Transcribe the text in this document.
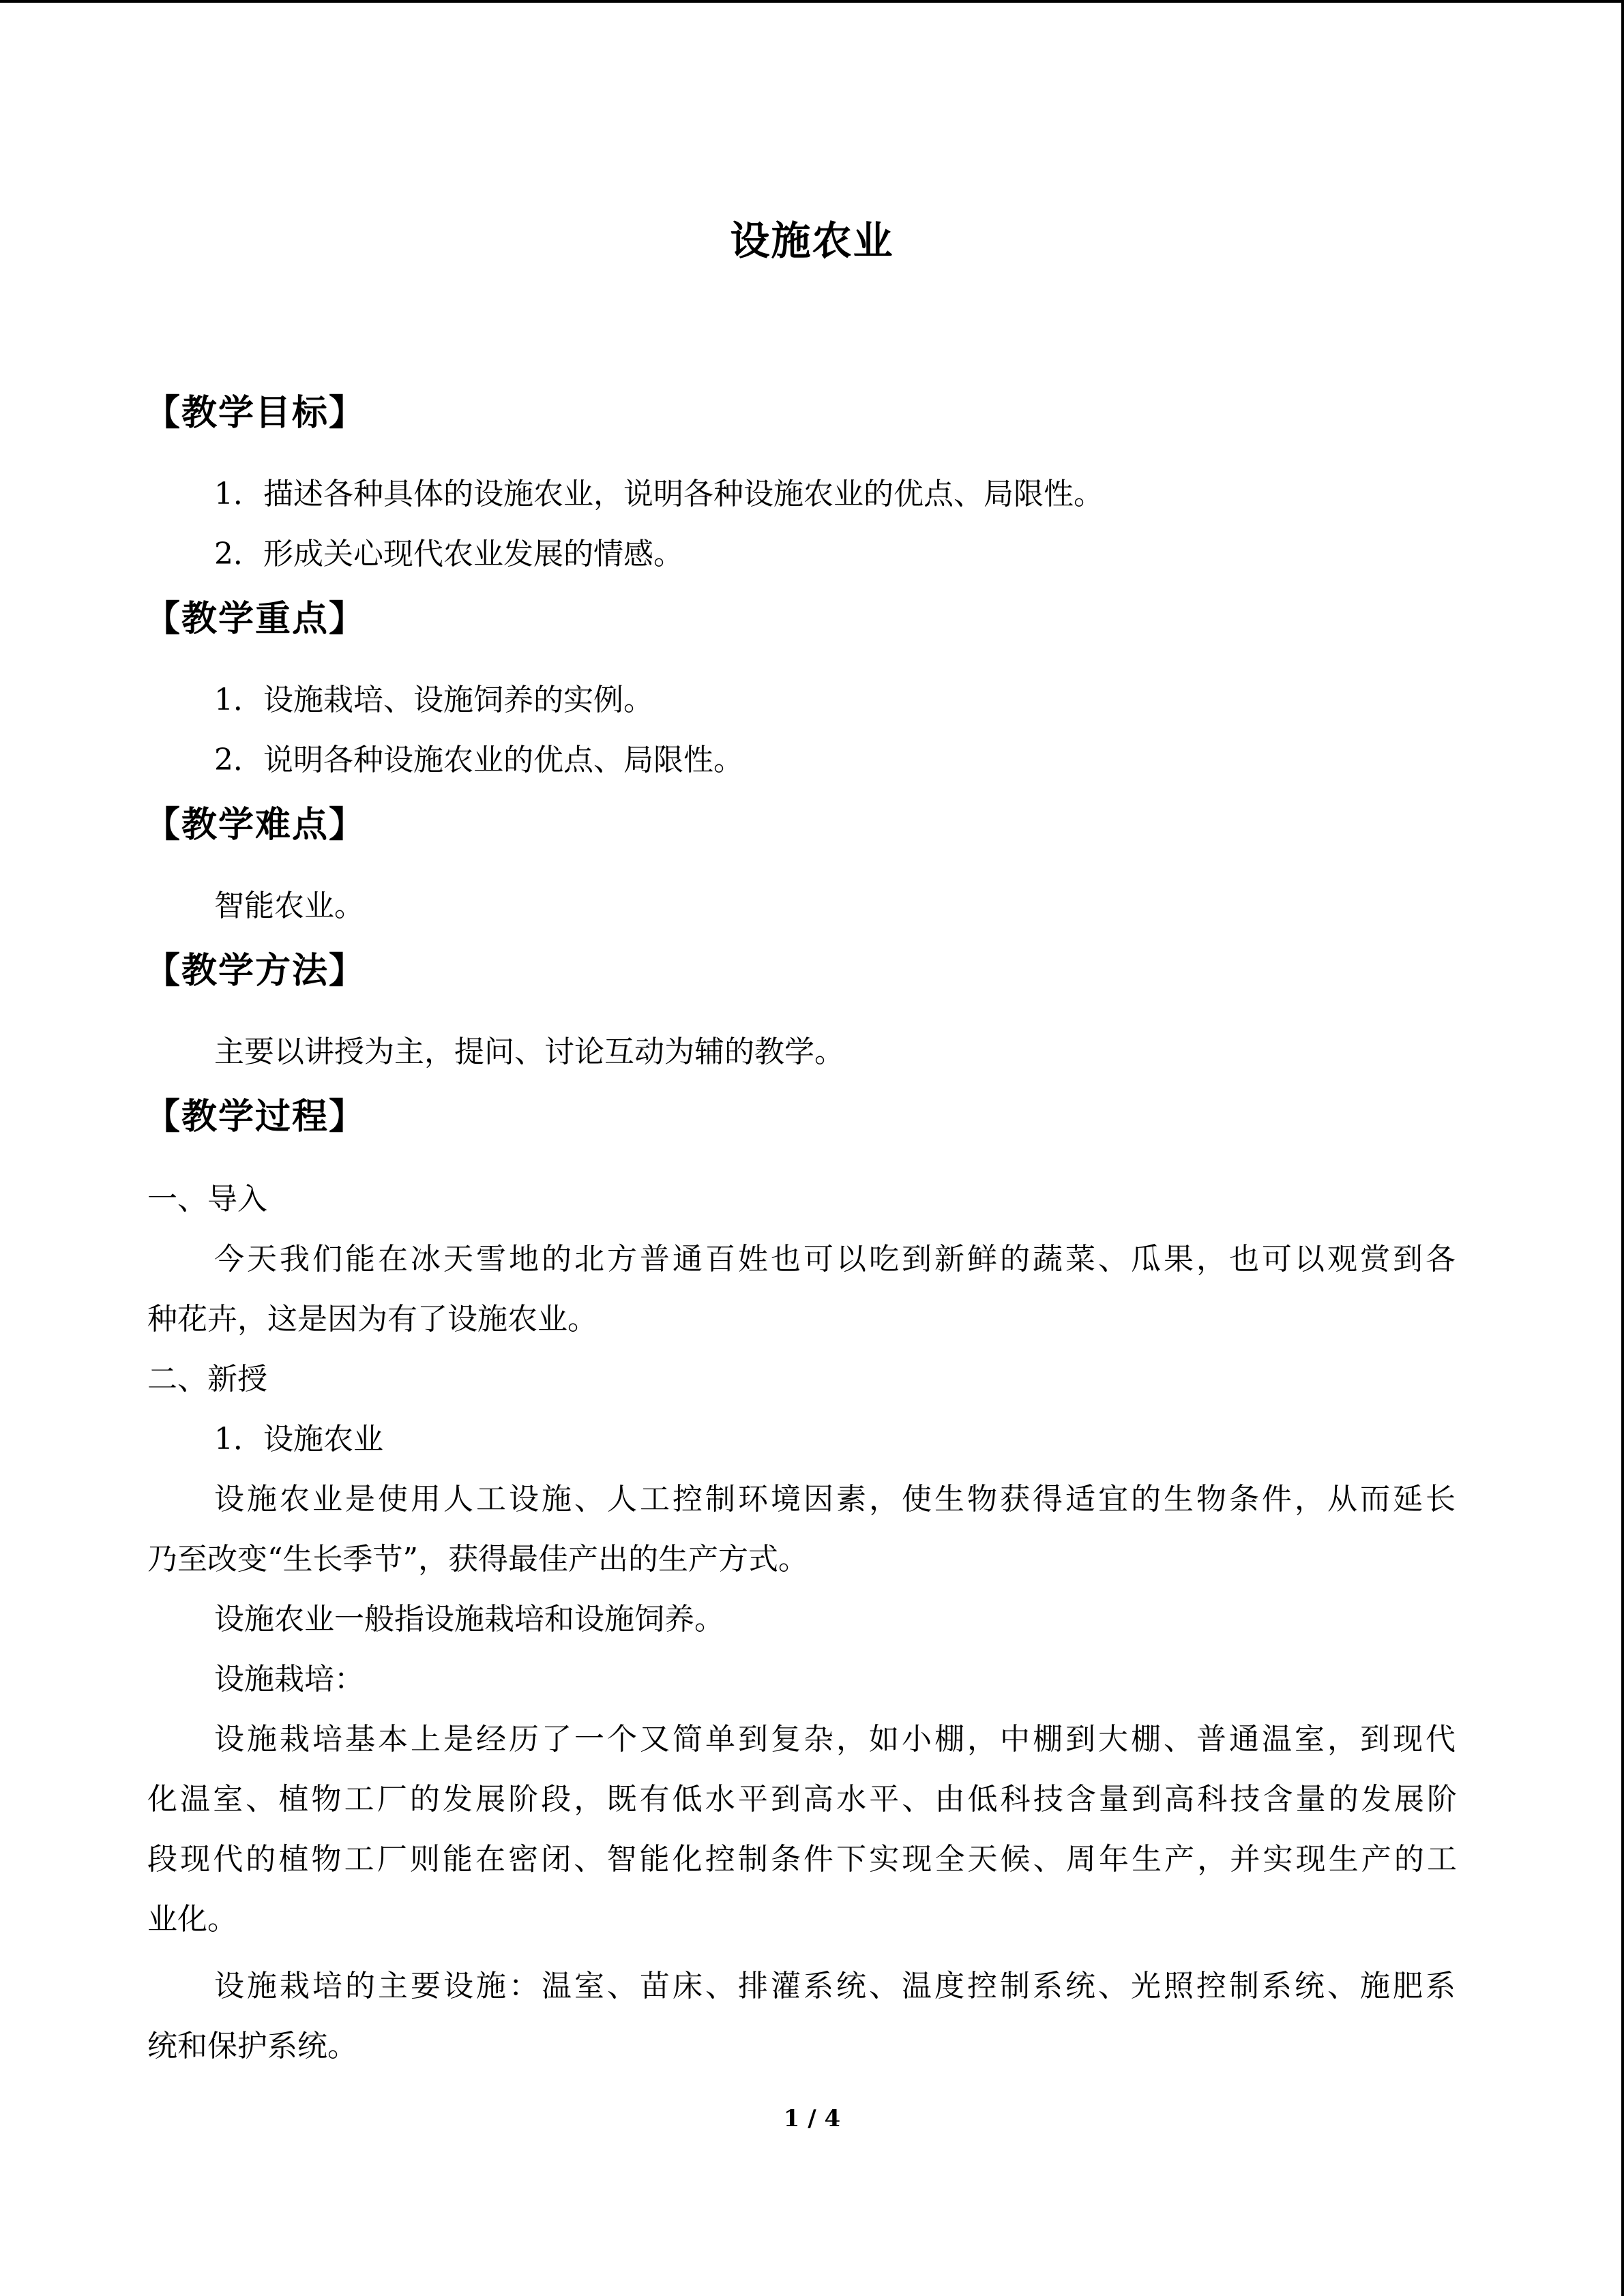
设施农业
【教学目标】
1．描述各种具体的设施农业，说明各种设施农业的优点、局限性。
2．形成关心现代农业发展的情感。
【教学重点】
1．设施栽培、设施饲养的实例。
2．说明各种设施农业的优点、局限性。
【教学难点】
智能农业。
【教学方法】
主要以讲授为主，提问、讨论互动为辅的教学。
【教学过程】
一、导入
今天我们能在冰天雪地的北方普通百姓也可以吃到新鲜的蔬菜、瓜果，也可以观赏到各
种花卉，这是因为有了设施农业。
二、新授
1．设施农业
设施农业是使用人工设施、人工控制环境因素，使生物获得适宜的生物条件，从而延长
乃至改变“生长季节”，获得最佳产出的生产方式。
设施农业一般指设施栽培和设施饲养。
设施栽培：
设施栽培基本上是经历了一个又简单到复杂，如小棚，中棚到大棚、普通温室，到现代
化温室、植物工厂的发展阶段，既有低水平到高水平、由低科技含量到高科技含量的发展阶
段现代的植物工厂则能在密闭、智能化控制条件下实现全天候、周年生产，并实现生产的工
业化。
设施栽培的主要设施：温室、苗床、排灌系统、温度控制系统、光照控制系统、施肥系
统和保护系统。
1 / 4
